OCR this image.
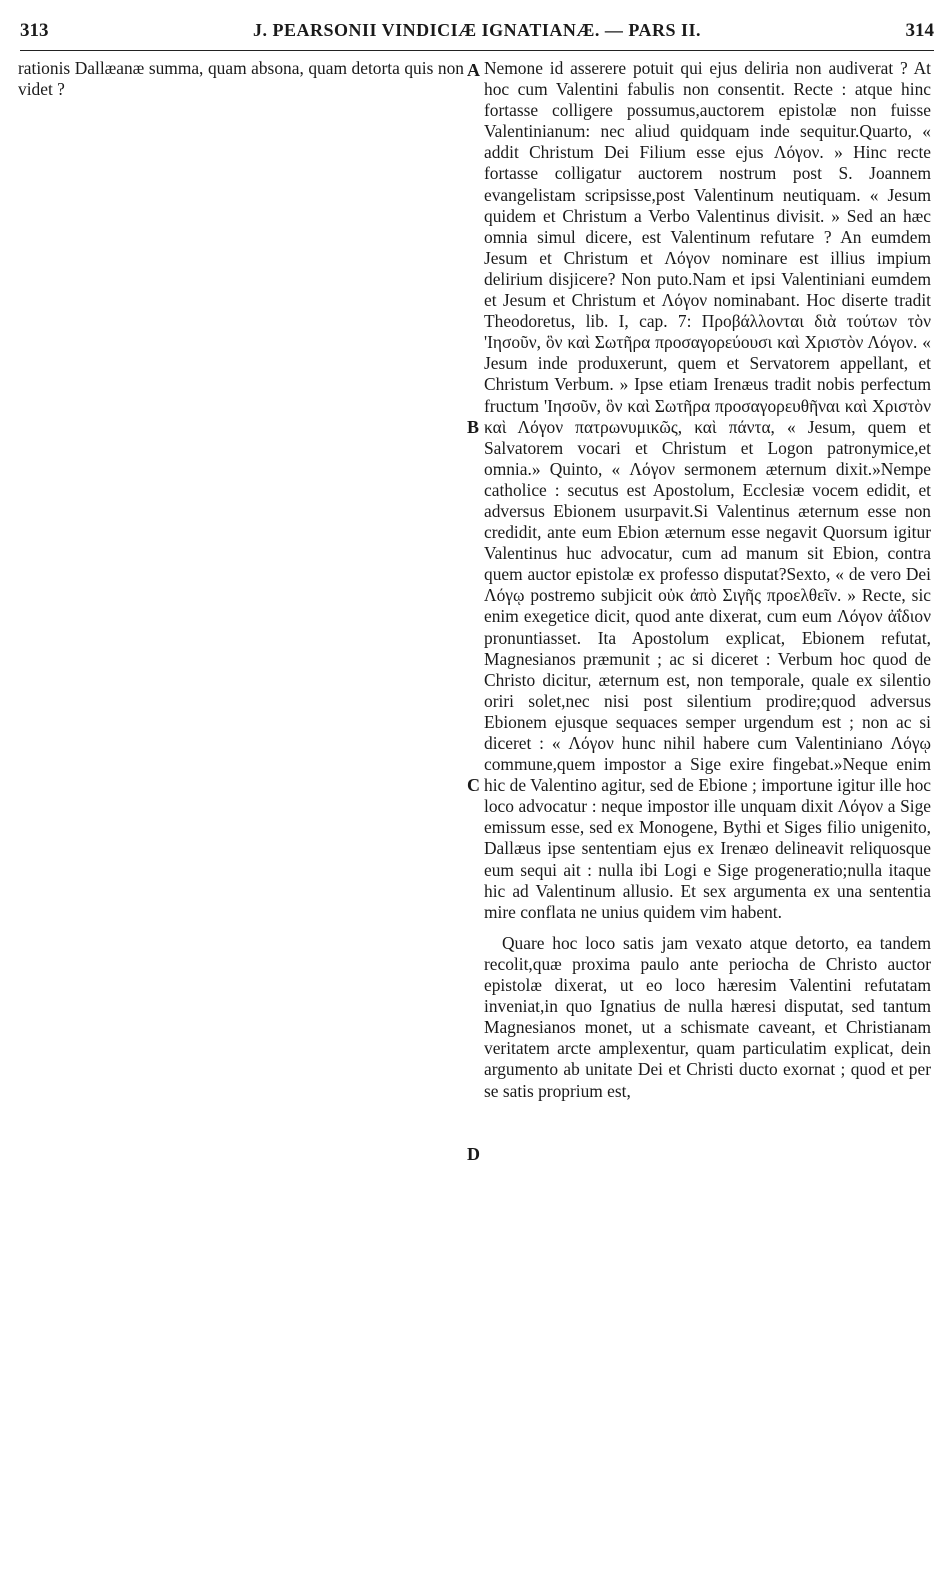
313	J. PEARSONII VINDICIÆ IGNATIANÆ. — PARS II.	314

rationis Dallæanæ summa, quam absona, quam detorta quis non videt ?

A
B
C
D

Nemone id asserere potuit qui ejus deliria non audiverat ? At hoc cum Valentini fabulis non consentit. Recte : atque hinc fortasse colligere possumus,auctorem epistolæ non fuisse Valentinianum: nec aliud quidquam inde sequitur.Quarto, « addit Christum Dei Filium esse ejus Λόγον. » Hinc recte fortasse colligatur auctorem nostrum post S. Joannem evangelistam scripsisse,post Valentinum neutiquam. « Jesum quidem et Christum a Verbo Valentinus divisit. » Sed an hæc omnia simul dicere, est Valentinum refutare ? An eumdem Jesum et Christum et Λόγον nominare est illius impium delirium disjicere? Non puto.Nam et ipsi Valentiniani eumdem et Jesum et Christum et Λόγον nominabant. Hoc diserte tradit Theodoretus, lib. I, cap. 7: Προβάλλονται διὰ τούτων τὸν 'Ιησοῦν, ὃν καὶ Σωτῆρα προσαγορεύουσι καὶ Χριστὸν Λόγον. « Jesum inde produxerunt, quem et Servatorem appellant, et Christum Verbum. » Ipse etiam Irenæus tradit nobis perfectum fructum 'Ιησοῦν, ὃν καὶ Σωτῆρα προσαγορευθῆναι καὶ Χριστὸν καὶ Λόγον πατρωνυμικῶς, καὶ πάντα, « Jesum, quem et Salvatorem vocari et Christum et Logon patronymice,et omnia.» Quinto, « Λόγον sermonem æternum dixit.»Nempe catholice : secutus est Apostolum, Ecclesiæ vocem edidit, et adversus Ebionem usurpavit.Si Valentinus æternum esse non credidit, ante eum Ebion æternum esse negavit Quorsum igitur Valentinus huc advocatur, cum ad manum sit Ebion, contra quem auctor epistolæ ex professo disputat?Sexto, « de vero Dei Λόγῳ postremo subjicit οὐκ ἀπὸ Σιγῆς προελθεῖν. » Recte, sic enim exegetice dicit, quod ante dixerat, cum eum Λόγον ἀΐδιον pronuntiasset. Ita Apostolum explicat, Ebionem refutat, Magnesianos præmunit ; ac si diceret : Verbum hoc quod de Christo dicitur, æternum est, non temporale, quale ex silentio oriri solet,nec nisi post silentium prodire;quod adversus Ebionem ejusque sequaces semper urgendum est ; non ac si diceret : « Λόγον hunc nihil habere cum Valentiniano Λόγῳ commune,quem impostor a Sige exire fingebat.»Neque enim hic de Valentino agitur, sed de Ebione ; importune igitur ille hoc loco advocatur : neque impostor ille unquam dixit Λόγον a Sige emissum esse, sed ex Monogene, Bythi et Siges filio unigenito, Dallæus ipse sententiam ejus ex Irenæo delineavit reliquosque eum sequi ait : nulla ibi Logi e Sige progeneratio;nulla itaque hic ad Valentinum allusio. Et sex argumenta ex una sententia mire conflata ne unius quidem vim habent.

Quare hoc loco satis jam vexato atque detorto, ea tandem recolit,quæ proxima paulo ante periocha de Christo auctor epistolæ dixerat, ut eo loco hæresim Valentini refutatam inveniat,in quo Ignatius de nulla hæresi disputat, sed tantum Magnesianos monet, ut a schismate caveant, et Christianam veritatem arcte amplexentur, quam particulatim explicat, dein argumento ab unitate Dei et Christi ducto exornat ; quod et per se satis proprium est,
